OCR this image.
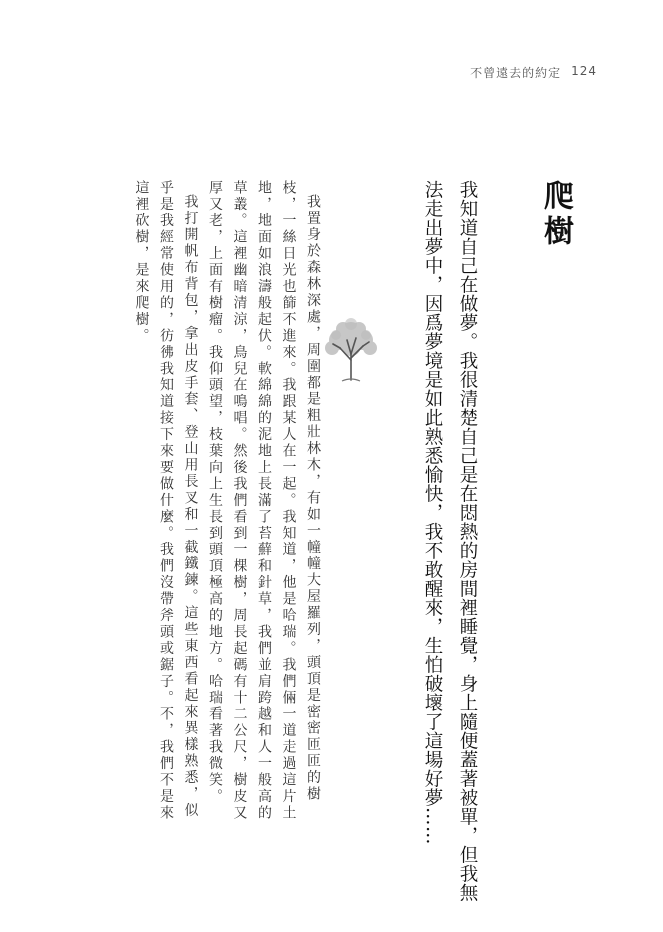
不曾遠去的約定 124
爬樹
我知道自己在做夢。我很清楚自己是在悶熱的房間裡睡覺，身上隨便蓋著被單，但我無
法走出夢中，因爲夢境是如此熟悉愉快，我不敢醒來，生怕破壞了這場好夢……
我置身於森林深處，周圍都是粗壯林木，有如一幢幢大屋羅列，頭頂是密密匝匝的樹
枝，一絲日光也篩不進來。我跟某人在一起。我知道，他是哈瑞。我們倆一道走過這片土
地，地面如浪濤般起伏。軟綿綿的泥地上長滿了苔蘚和針草，我們並肩跨越和人一般高的
草叢。這裡幽暗清涼，鳥兒在鳴唱。然後我們看到一棵樹，周長起碼有十二公尺，樹皮又
厚又老，上面有樹瘤。我仰頭望，枝葉向上生長到頭頂極高的地方。哈瑞看著我微笑。
我打開帆布背包，拿出皮手套、登山用長叉和一截鐵鍊。這些東西看起來異樣熟悉，似
乎是我經常使用的，彷彿我知道接下來要做什麼。我們沒帶斧頭或鋸子。不，我們不是來
這裡砍樹，是來爬樹。
